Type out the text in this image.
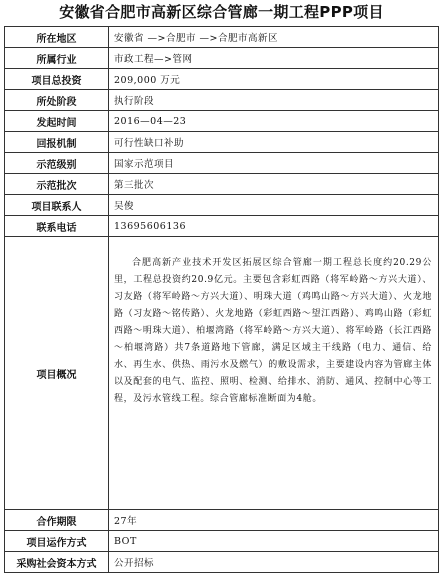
安徽省合肥市高新区综合管廊一期工程PPP项目
所在地区	安徽省 —>合肥市 —>合肥市高新区
所属行业	市政工程—>管网
项目总投资	209,000 万元
所处阶段	执行阶段
发起时间	2016—04—23
回报机制	可行性缺口补助
示范级别	国家示范项目
示范批次	第三批次
项目联系人	吴俊
联系电话	13695606136
项目概况	合肥高新产业技术开发区拓展区综合管廊一期工程总长度约20.29公里，工程总投资约20.9亿元。主要包含彩虹西路（将军岭路～方兴大道）、习友路（将军岭路～方兴大道）、明珠大道（鸡鸣山路～方兴大道）、火龙地路（习友路～铭传路）、火龙地路（彩虹西路～望江西路）、鸡鸣山路（彩虹西路～明珠大道）、柏堰湾路（将军岭路～方兴大道）、将军岭路（长江西路～柏堰湾路）共7条道路地下管廊，满足区域主干线路（电力、通信、给水、再生水、供热、雨污水及燃气）的敷设需求，主要建设内容为管廊主体以及配套的电气、监控、照明、检测、给排水、消防、通风、控制中心等工程，及污水管线工程。综合管廊标准断面为4舱。

合作期限	27年
项目运作方式	BOT
采购社会资本方式	公开招标
